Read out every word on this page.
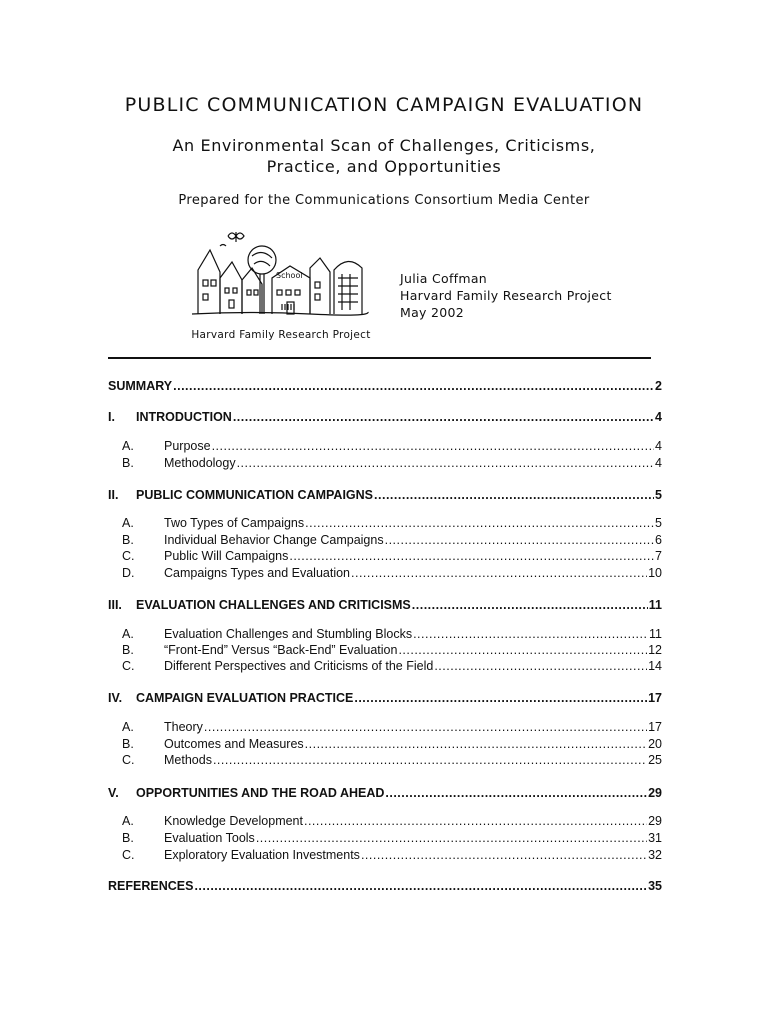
PUBLIC COMMUNICATION CAMPAIGN EVALUATION
An Environmental Scan of Challenges, Criticisms,
Practice, and Opportunities
Prepared for the Communications Consortium Media Center
School
Harvard Family Research Project
Julia Coffman
Harvard Family Research Project
May 2002
SUMMARY .....	2
I.	INTRODUCTION .....	4
A.	Purpose .....	4
B.	Methodology .....	4
II.	PUBLIC COMMUNICATION CAMPAIGNS .....	5
A.	Two Types of Campaigns .....	5
B.	Individual Behavior Change Campaigns .....	6
C.	Public Will Campaigns .....	7
D.	Campaigns Types and Evaluation .....	10
III.	EVALUATION CHALLENGES AND CRITICISMS .....	11
A.	Evaluation Challenges and Stumbling Blocks .....	11
B.	“Front-End” Versus “Back-End” Evaluation .....	12
C.	Different Perspectives and Criticisms of the Field .....	14
IV.	CAMPAIGN EVALUATION PRACTICE .....	17
A.	Theory .....	17
B.	Outcomes and Measures .....	20
C.	Methods .....	25
V.	OPPORTUNITIES AND THE ROAD AHEAD .....	29
A.	Knowledge Development .....	29
B.	Evaluation Tools .....	31
C.	Exploratory Evaluation Investments .....	32
REFERENCES .....	35
